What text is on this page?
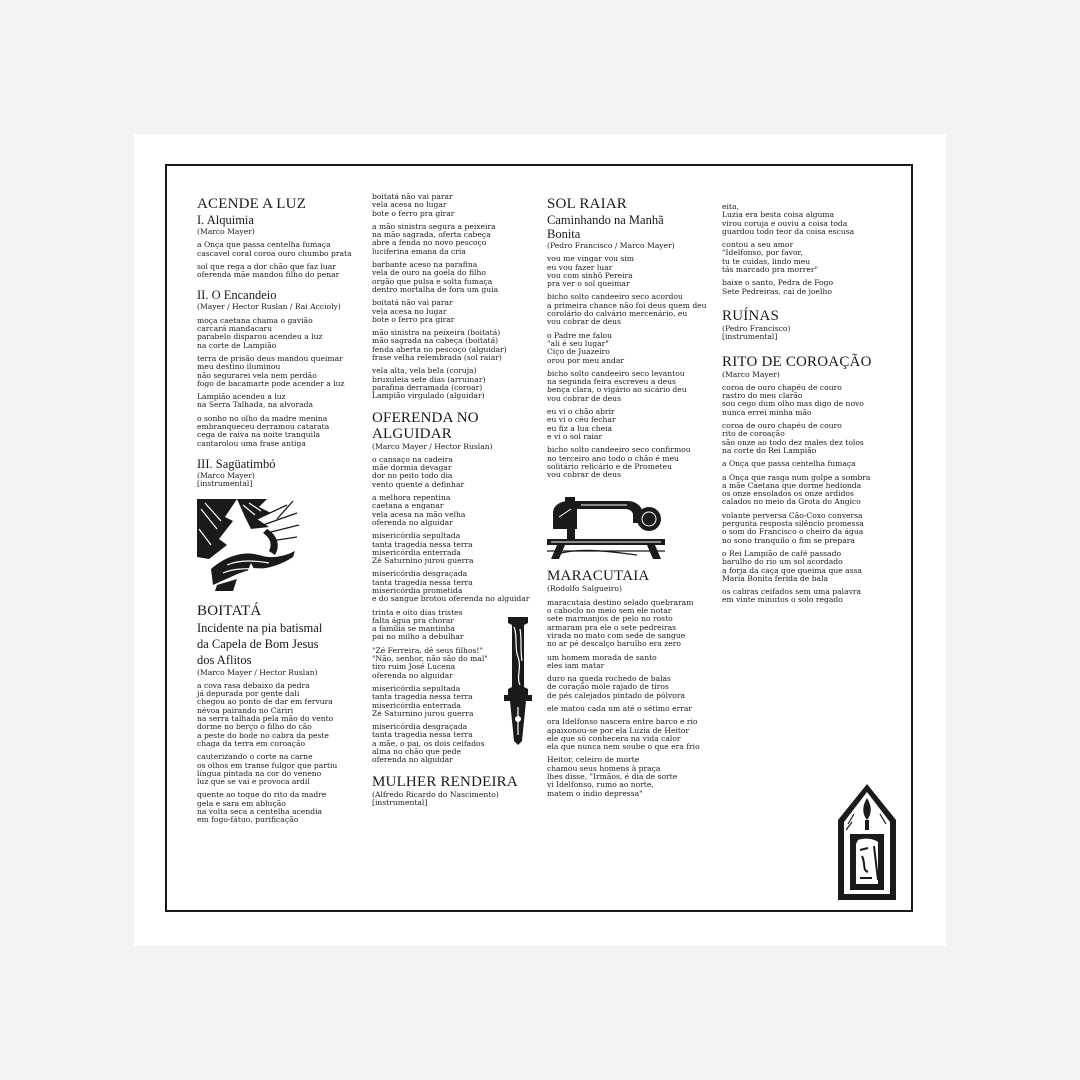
ACENDE A LUZ
I. Alquimia
(Marco Mayer)
a Onça que passa centelha fumaça
cascavel coral coroa ouro chumbo prata
sol que rega a dor chão que faz luar
oferenda mãe mandou filho do penar
II. O Encandeio
(Mayer / Hector Ruslan / Rai Accioly)
moça caetana chama o gavião
carcará mandacaru
parabelo disparou acendeu a luz
na corte de Lampião
terra de prisão deus mandou queimar
meu destino iluminou
não segurarei vela nem perdão
fogo de bacamarte pode acender a luz
Lampião acendeu a luz
na Serra Talhada, na alvorada
o sonho no olho da madre menina
embranqueceu derramou catarata
cega de raiva na noite tranquila
cantarolou uma frase antiga
III. Sagüatimbó
(Marco Mayer)
[instrumental]
BOITATÁ
Incidente na pia batismal
da Capela de Bom Jesus
dos Aflitos
(Marco Mayer / Hector Ruslan)
a cova rasa debaixo da pedra
já depurada por gente dali
chegou ao ponto de dar em fervura
névoa pairando no Cariri
na serra talhada pela mão do vento
dorme no berço o filho do cão
a peste do bode no cabra da peste
chaga da terra em coroação
cauterizando o corte na carne
os olhos em transe fulgor que partiu
língua pintada na cor do veneno
luz que se vai e provoca ardil
quente ao toque do rito da madre
gela e sara em ablução
na volta seca a centelha acendia
em fogo-fátuo, purificação
boitatá não vai parar
vela acesa no lugar
bote o ferro pra girar
a mão sinistra segura a peixeira
na mão sagrada, oferta cabeça
abre a fenda no novo pescoço
luciferina emana da cria
barbante aceso na parafina
vela de ouro na goela do filho
orgão que pulsa e solta fumaça
dentro mortalha de fora um guia
boitatá não vai parar
vela acesa no lugar
bote o ferro pra girar
mão sinistra na peixeira (boitatá)
mão sagrada na cabeça (boitatá)
fenda aberta no pescoço (alguidar)
frase velha relembrada (sol raiar)
vela alta, vela bela (coruja)
bruxuleia sete dias (arruinar)
parafina derramada (coroar)
Lampião virgulado (alguidar)
OFERENDA NO
ALGUIDAR
(Marco Mayer / Hector Ruslan)
o cansaço na cadeira
mãe dormia devagar
dor no peito todo dia
vento quente a definhar
a melhora repentina
caetana a enganar
vela acesa na mão velha
oferenda no alguidar
misericórdia sepultada
tanta tragedia nessa terra
misericórdia enterrada
Zé Saturnino jurou guerra
misericórdia desgraçada
tanta tragedia nessa terra
misericórdia prometida
e do sangue brotou oferenda no alguidar
trinta e oito dias tristes
falta água pra chorar
a família se mantinha
pai no milho a debulhar
"Zé Ferreira, dê seus filhos!"
"Não, senhor, não são do mal"
tiro ruim José Lucena
oferenda no alguidar
misericórdia sepultada
tanta tragedia nessa terra
misericórdia enterrada
Zé Saturnino jurou guerra
misericórdia desgraçada
tanta tragedia nessa terra
a mãe, o pai, os dois ceifados
alma no chão que pede
oferenda no alguidar
MULHER RENDEIRA
(Alfredo Ricardo do Nascimento)
[instrumental]
SOL RAIAR
Caminhando na Manhã
Bonita
(Pedro Francisco / Marco Mayer)
vou me vingar vou sim
eu vou fazer luar
vou com sinhô Pereira
pra ver o sol queimar
bicho solto candeeiro seco acordou
a primeira chance não foi deus quem deu
corolário do calvário mercenário, eu
vou cobrar de deus
o Padre me falou
"ali é seu lugar"
Ciço de Juazeiro
orou por meu andar
bicho solto candeeiro seco levantou
na segunda feira escreveu a deus
bença clara, o vigário ao sicário deu
vou cobrar de deus
eu vi o chão abrir
eu vi o céu fechar
eu fiz a lua cheia
e vi o sol raiar
bicho solto candeeiro seco confirmou
no terceiro ano todo o chão é meu
solitário relicário e de Prometeu
vou cobrar de deus
MARACUTAIA
(Rodolfo Salgueiro)
maracutaia destino selado quebraram
o caboclo no meio sem ele notar
sete marmanjos de pelo no rosto
armaram pra ele o sete pedreiras
virada no mato com sede de sangue
no ar pé descalço barulho era zero
um homem morada de santo
eles iam matar
duro na queda rochedo de balas
de coração mole rajado de tiros
de pés calejados pintado de pólvora
ele matou cada um até o sétimo errar
ora Idelfonso nascera entre barco e rio
apaixonou-se por ela Luzia de Heitor
ele que só conhecera na vida calor
ela que nunca nem soube o que era frio
Heitor, celeiro de morte
chamou seus homens à praça
lhes disse, "Irmãos, é dia de sorte
vi Idelfonso, rumo ao norte,
matem o índio depressa"
eita,
Luzia era besta coisa alguma
virou coruja e ouviu a coisa toda
guardou todo teor da coisa escusa
contou a seu amor
"Idelfonso, por favor,
tu te cuidas, lindo meu
tás marcado pra morrer"
baixe o santo, Pedra de Fogo
Sete Pedreiras, cai de joelho
RUÍNAS
(Pedro Francisco)
[instrumental]
RITO DE COROAÇÃO
(Marco Mayer)
coroa de ouro chapéu de couro
rastro do meu clarão
sou cego dum olho mas digo de novo
nunca errei minha mão
coroa de ouro chapéu de couro
rito de coroação
são onze ao todo dez males dez tolos
na corte do Rei Lampião
a Onça que passa centelha fumaça
a Onça que rasga num golpe a sombra
a mãe Caetana que dorme hedionda
os onze ensolados os onze ardidos
calados no meio da Grota do Angico
volante perversa Cão-Coxo conversa
pergunta resposta silêncio promessa
o som do Francisco o cheiro da água
no sono tranquilo o fim se prepara
o Rei Lampião de café passado
barulho do rio um sol acordado
a forja da caça que queima que assa
Maria Bonita ferida de bala
os cabras ceifados sem uma palavra
em vinte minutos o solo regado
